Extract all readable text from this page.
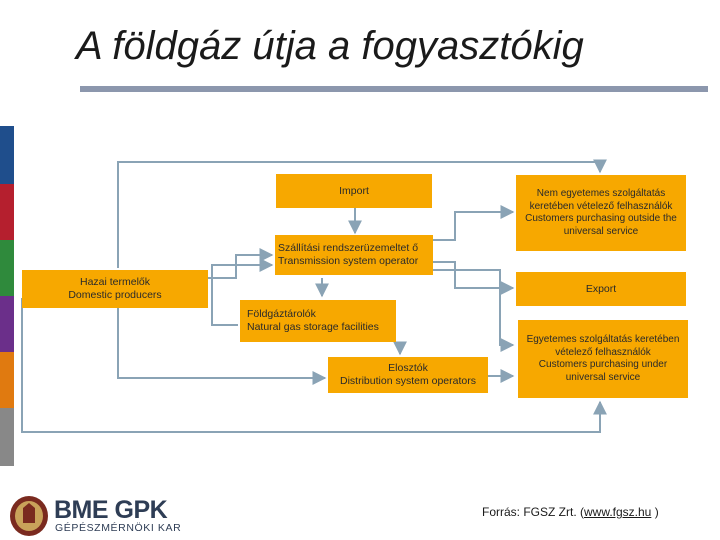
A földgáz útja a fogyasztókig
Import
Szállítási rendszerüzemeltet ő
Transmission system operator
Hazai termelők
Domestic producers
Földgáztárolók
Natural gas storage facilities
Elosztók
Distribution system operators
Nem egyetemes szolgáltatás
keretében vételező felhasználók
Customers purchasing outside the
universal service
Export
Egyetemes szolgáltatás keretében
vételező felhasználók
Customers purchasing under
universal service
BME GPK
GÉPÉSZMÉRNÖKI KAR
Forrás: FGSZ Zrt. (www.fgsz.hu )
